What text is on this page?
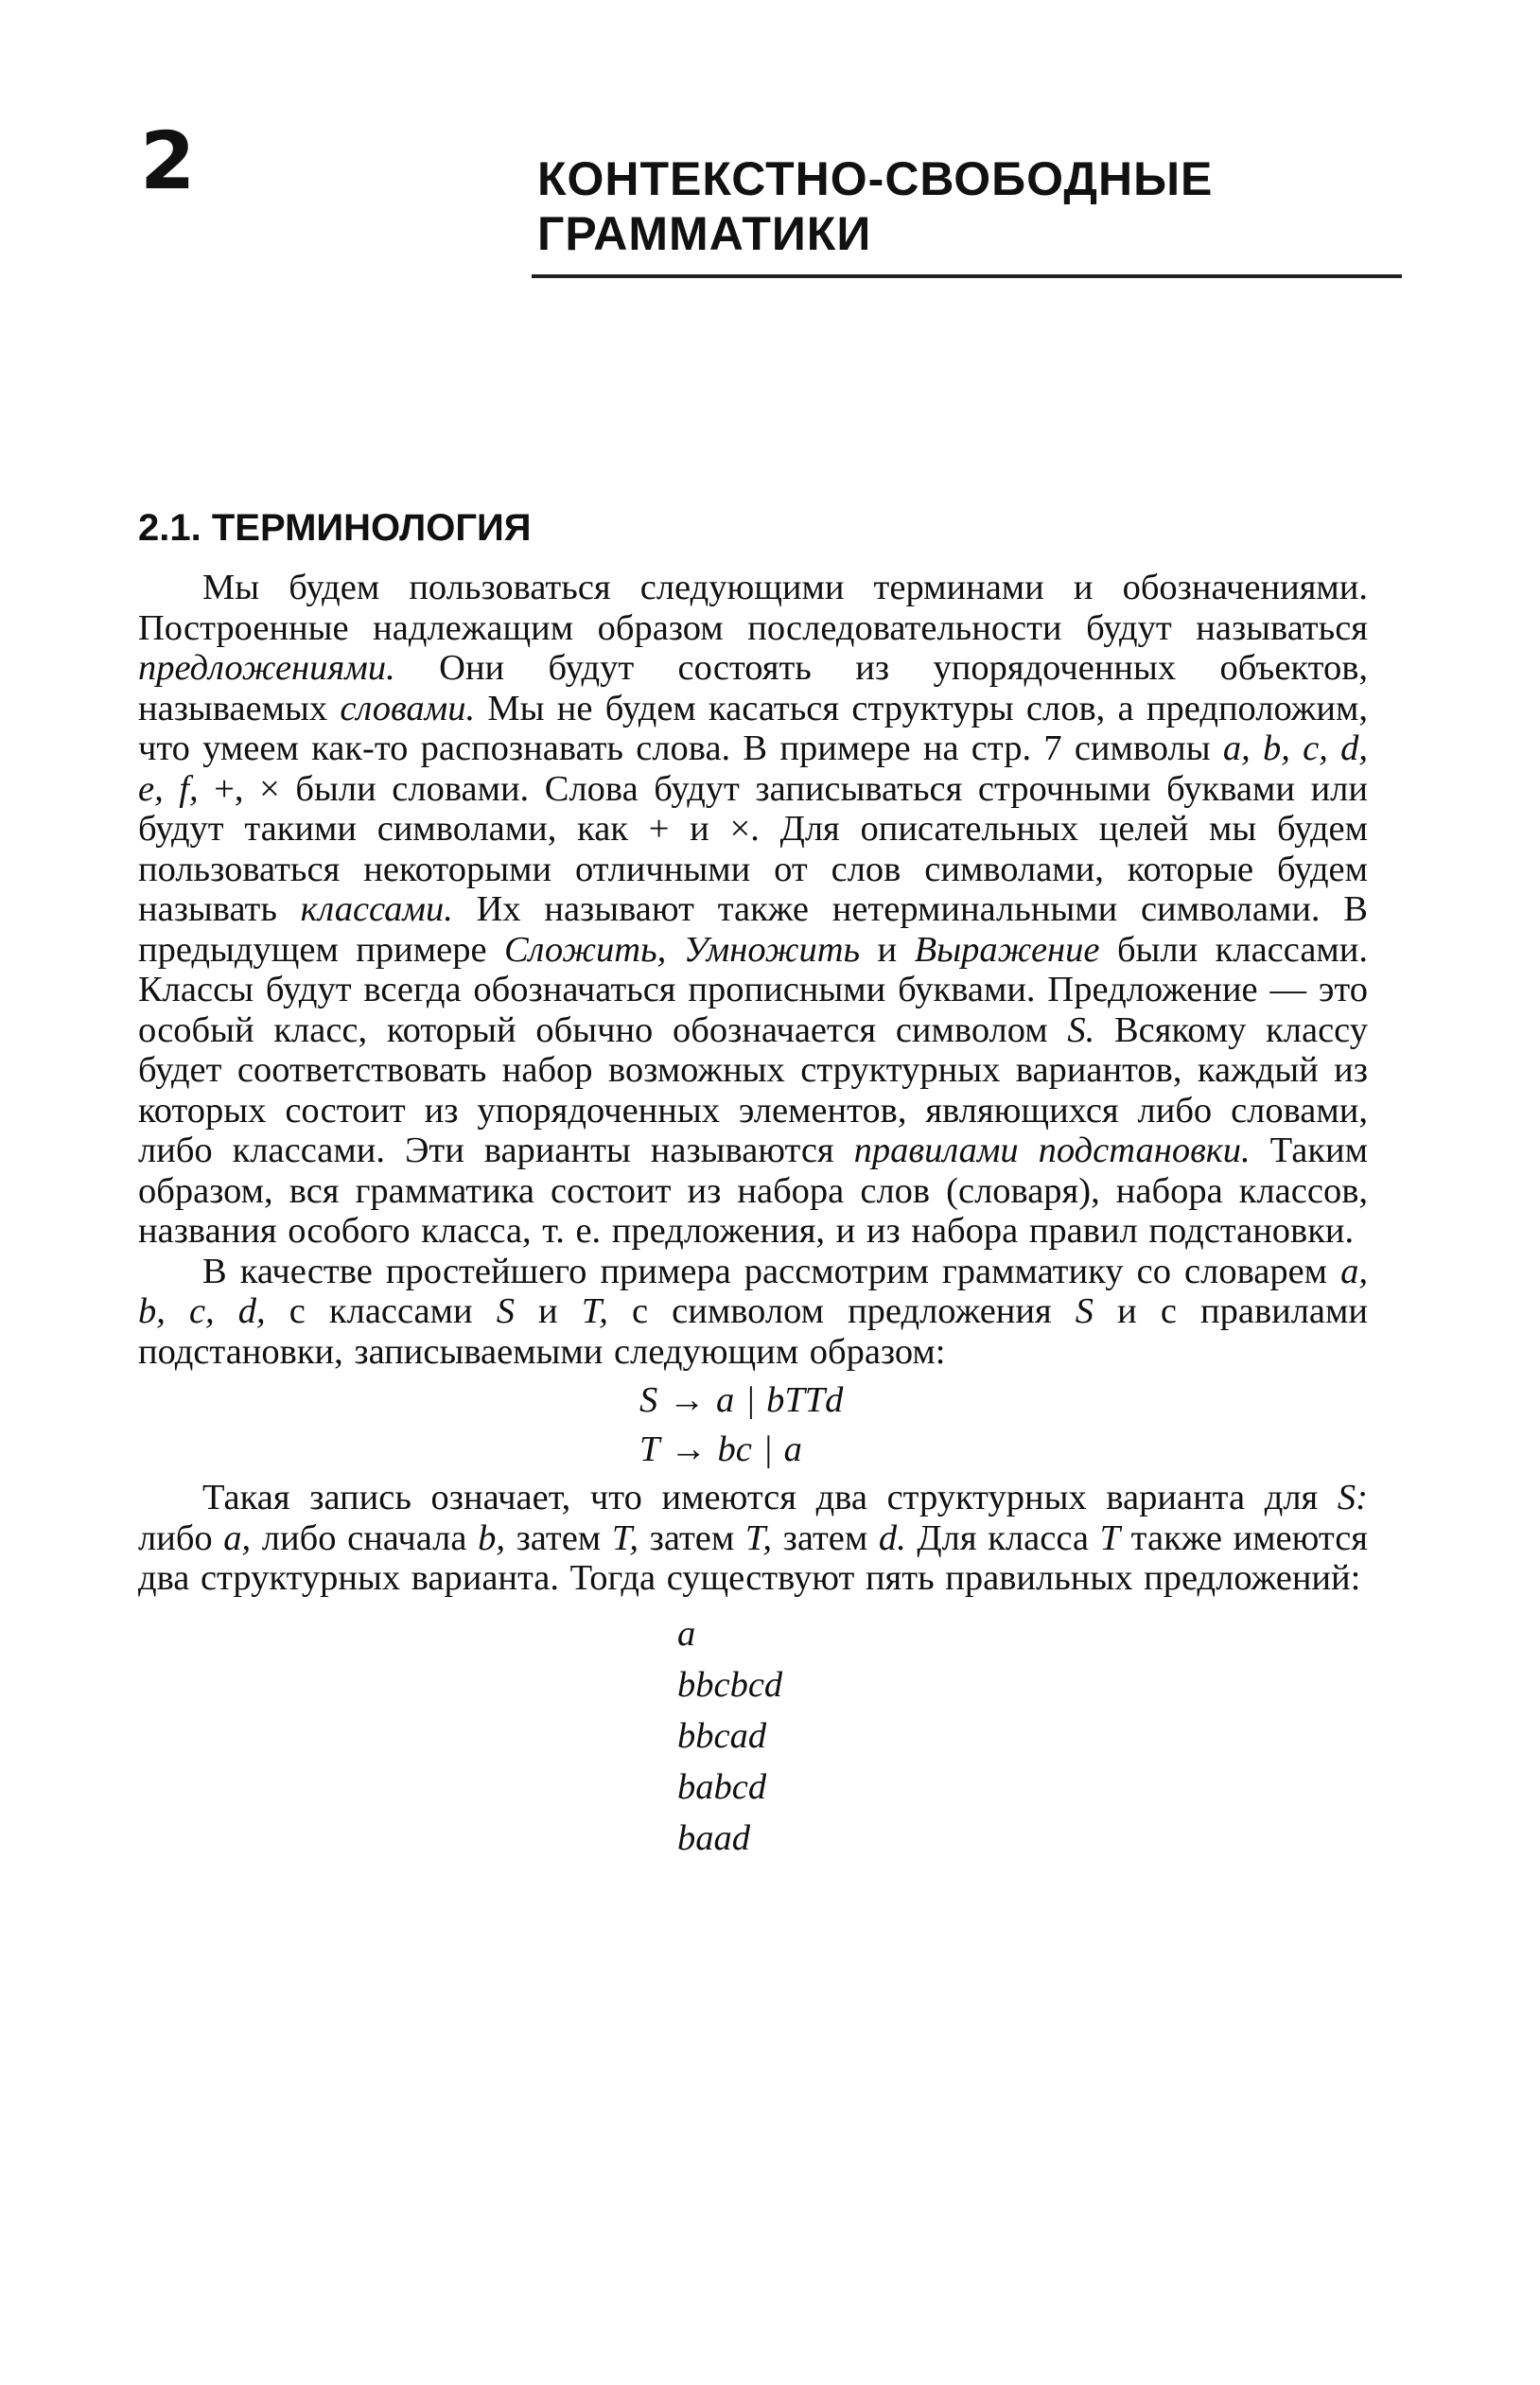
2	КОНТЕКСТНО-СВОБОДНЫЕ
ГРАММАТИКИ
2.1. ТЕРМИНОЛОГИЯ

Мы будем пользоваться следующими терминами и обозначениями. Построенные надлежащим образом последовательности будут называться предложениями. Они будут состоять из упорядоченных объектов, называемых словами. Мы не будем касаться структуры слов, а предположим, что умеем как-то распознавать слова. В примере на стр. 7 символы a, b, c, d, e, f, +, × были словами. Слова будут записываться строчными буквами или будут такими символами, как + и ×. Для описательных целей мы будем пользоваться некоторыми отличными от слов символами, которые будем называть классами. Их называют также нетерминальными символами. В предыдущем примере Сложить, Умножить и Выражение были классами. Классы будут всегда обозначаться прописными буквами. Предложение — это особый класс, который обычно обозначается символом S. Всякому классу будет соответствовать набор возможных структурных вариантов, каждый из которых состоит из упорядоченных элементов, являющихся либо словами, либо классами. Эти варианты называются правилами подстановки. Таким образом, вся грамматика состоит из набора слов (словаря), набора классов, названия особого класса, т. е. предложения, и из набора правил подстановки.

В качестве простейшего примера рассмотрим грамматику со словарем a, b, c, d, с классами S и T, с символом предложения S и с правилами подстановки, записываемыми следующим образом:

S → a | bTTd
T → bc | a

Такая запись означает, что имеются два структурных варианта для S: либо a, либо сначала b, затем T, затем T, затем d. Для класса T также имеются два структурных варианта. Тогда существуют пять правильных предложений:

a
bbcbcd
bbcad
babcd
baad
